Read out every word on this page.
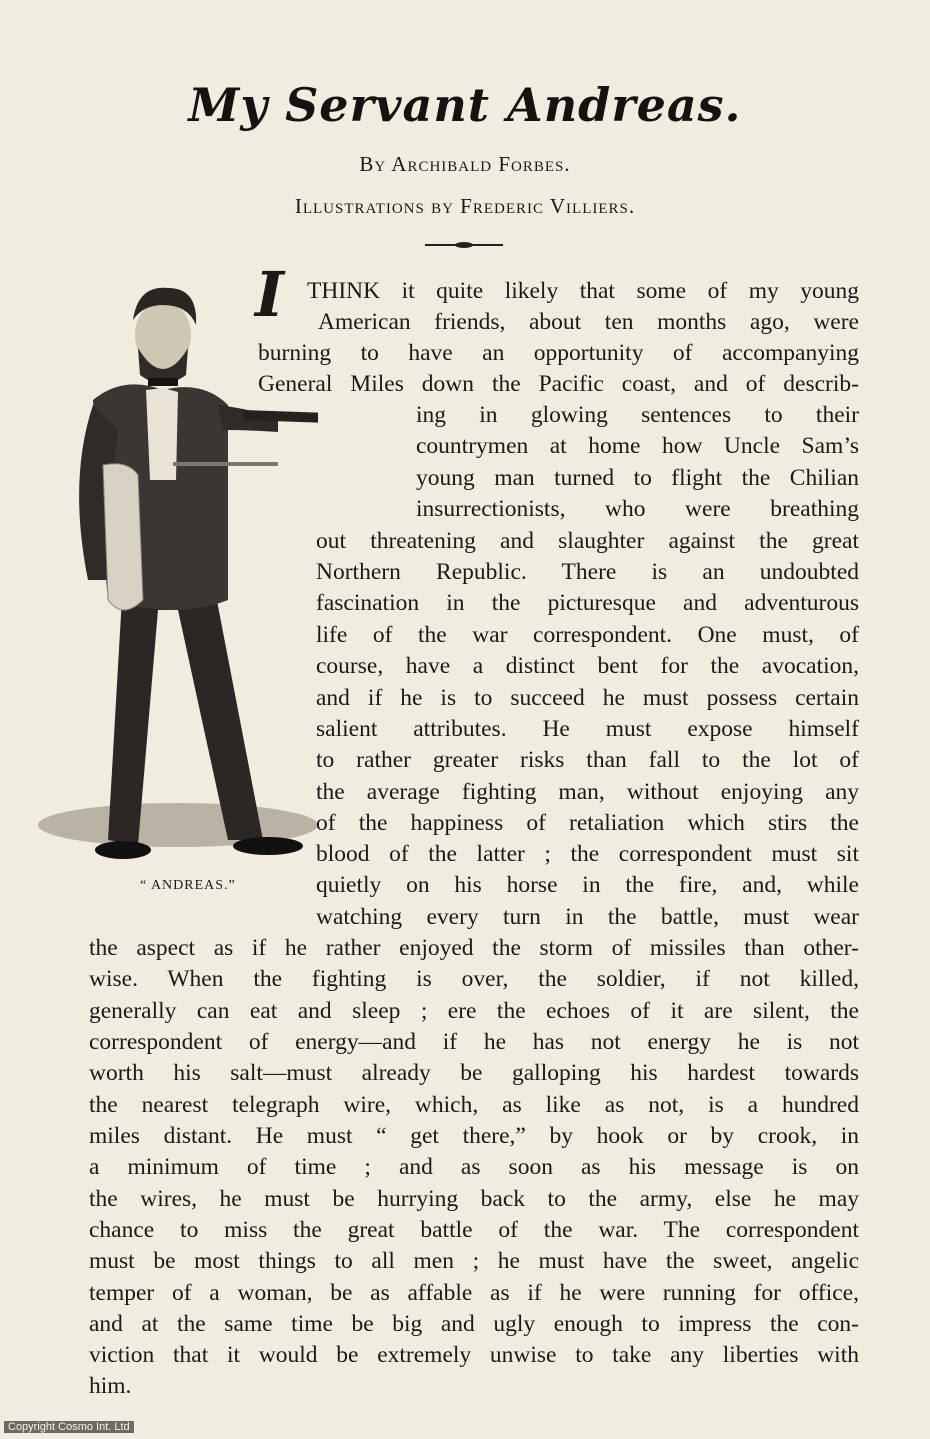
My Servant Andreas.
By Archibald Forbes.
Illustrations by Frederic Villiers.
“ ANDREAS.”
I THINK it quite likely that some of my young
American friends, about ten months ago, were
burning to have an opportunity of accompanying
General Miles down the Pacific coast, and of describ-
ing in glowing sentences to their
countrymen at home how Uncle Sam’s
young man turned to flight the Chilian
insurrectionists, who were breathing
out threatening and slaughter against the great
Northern Republic. There is an undoubted
fascination in the picturesque and adventurous
life of the war correspondent. One must, of
course, have a distinct bent for the avocation,
and if he is to succeed he must possess certain
salient attributes. He must expose himself
to rather greater risks than fall to the lot of
the average fighting man, without enjoying any
of the happiness of retaliation which stirs the
blood of the latter ; the correspondent must sit
quietly on his horse in the fire, and, while
watching every turn in the battle, must wear
the aspect as if he rather enjoyed the storm of missiles than other-
wise. When the fighting is over, the soldier, if not killed,
generally can eat and sleep ; ere the echoes of it are silent, the
correspondent of energy—and if he has not energy he is not
worth his salt—must already be galloping his hardest towards
the nearest telegraph wire, which, as like as not, is a hundred
miles distant. He must “ get there,” by hook or by crook, in
a minimum of time ; and as soon as his message is on
the wires, he must be hurrying back to the army, else he may
chance to miss the great battle of the war. The correspondent
must be most things to all men ; he must have the sweet, angelic
temper of a woman, be as affable as if he were running for office,
and at the same time be big and ugly enough to impress the con-
viction that it would be extremely unwise to take any liberties with
him.
Copyright Cosmo Int. Ltd
